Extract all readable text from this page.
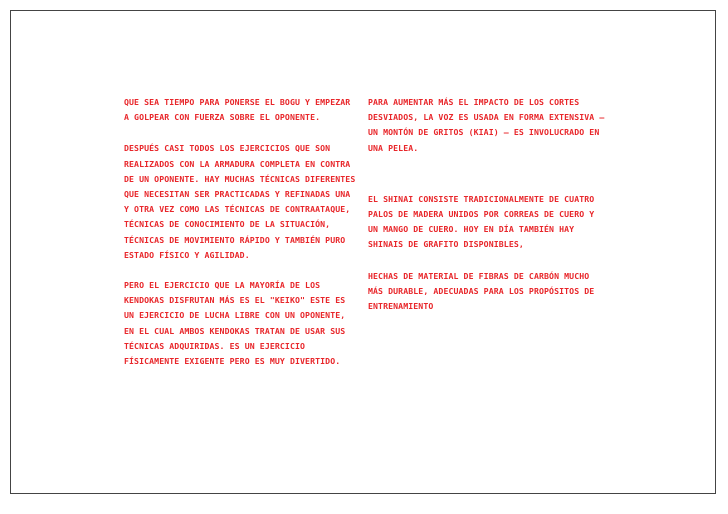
QUE SEA TIEMPO PARA PONERSE EL BOGU Y EMPEZAR A GOLPEAR CON FUERZA SOBRE EL OPONENTE.

DESPUÉS CASI TODOS LOS EJERCICIOS QUE SON REALIZADOS CON LA ARMADURA COMPLETA EN CONTRA DE UN OPONENTE. HAY MUCHAS TÉCNICAS DIFERENTES QUE NECESITAN SER PRACTICADAS Y REFINADAS UNA Y OTRA VEZ COMO LAS TÉCNICAS DE CONTRAATAQUE, TÉCNICAS DE CONOCIMIENTO DE LA SITUACIÓN, TÉCNICAS DE MOVIMIENTO RÁPIDO Y TAMBIÉN PURO ESTADO FÍSICO Y AGILIDAD.

PERO EL EJERCICIO QUE LA MAYORÍA DE LOS KENDOKAS DISFRUTAN MÁS ES EL "KEIKO" ESTE ES UN EJERCICIO DE LUCHA LIBRE CON UN OPONENTE, EN EL CUAL AMBOS KENDOKAS TRATAN DE USAR SUS TÉCNICAS ADQUIRIDAS. ES UN EJERCICIO FÍSICAMENTE EXIGENTE PERO ES MUY DIVERTIDO.

PARA AUMENTAR MÁS EL IMPACTO DE LOS CORTES DESVIADOS, LA VOZ ES USADA EN FORMA EXTENSIVA – UN MONTÓN DE GRITOS (KIAI) – ES INVOLUCRADO EN UNA PELEA.

EL SHINAI CONSISTE TRADICIONALMENTE DE CUATRO PALOS DE MADERA UNIDOS POR CORREAS DE CUERO Y UN MANGO DE CUERO. HOY EN DÍA TAMBIÉN HAY SHINAIS DE GRAFITO DISPONIBLES,

HECHAS DE MATERIAL DE FIBRAS DE CARBÓN MUCHO MÁS DURABLE, ADECUADAS PARA LOS PROPÓSITOS DE ENTRENAMIENTO
